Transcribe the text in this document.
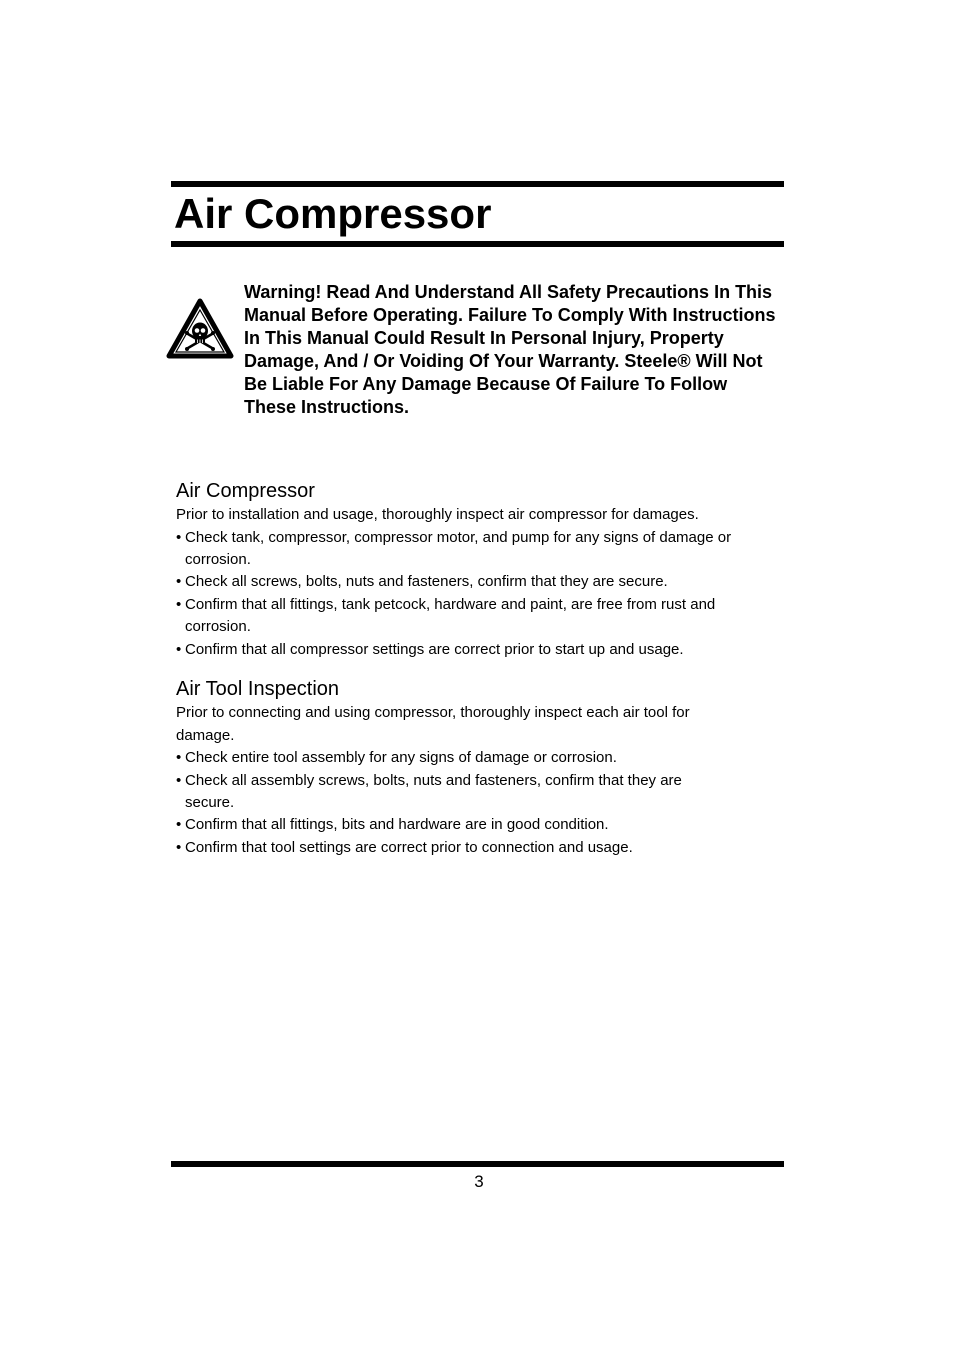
Air Compressor

Warning! Read And Understand All Safety Precautions In This Manual Before Operating. Failure To Comply With Instructions In This Manual Could Result In Personal Injury, Property Damage, And / Or Voiding Of Your Warranty. Steele® Will Not Be Liable For Any Damage Because Of Failure To Follow These Instructions.

Air Compressor

Prior to installation and usage, thoroughly inspect air compressor for damages.

• Check tank, compressor, compressor motor, and pump for any signs of damage or corrosion.
• Check all screws, bolts, nuts and fasteners, confirm that they are secure.
• Confirm that all fittings, tank petcock, hardware and paint, are free from rust and corrosion.
• Confirm that all compressor settings are correct prior to start up and usage.
Air Tool Inspection

Prior to connecting and using compressor, thoroughly inspect each air tool for damage.

• Check entire tool assembly for any signs of damage or corrosion.
• Check all assembly screws, bolts, nuts and fasteners, confirm that they are secure.
• Confirm that all fittings, bits and hardware are in good condition.
• Confirm that tool settings are correct prior to connection and usage.
3
